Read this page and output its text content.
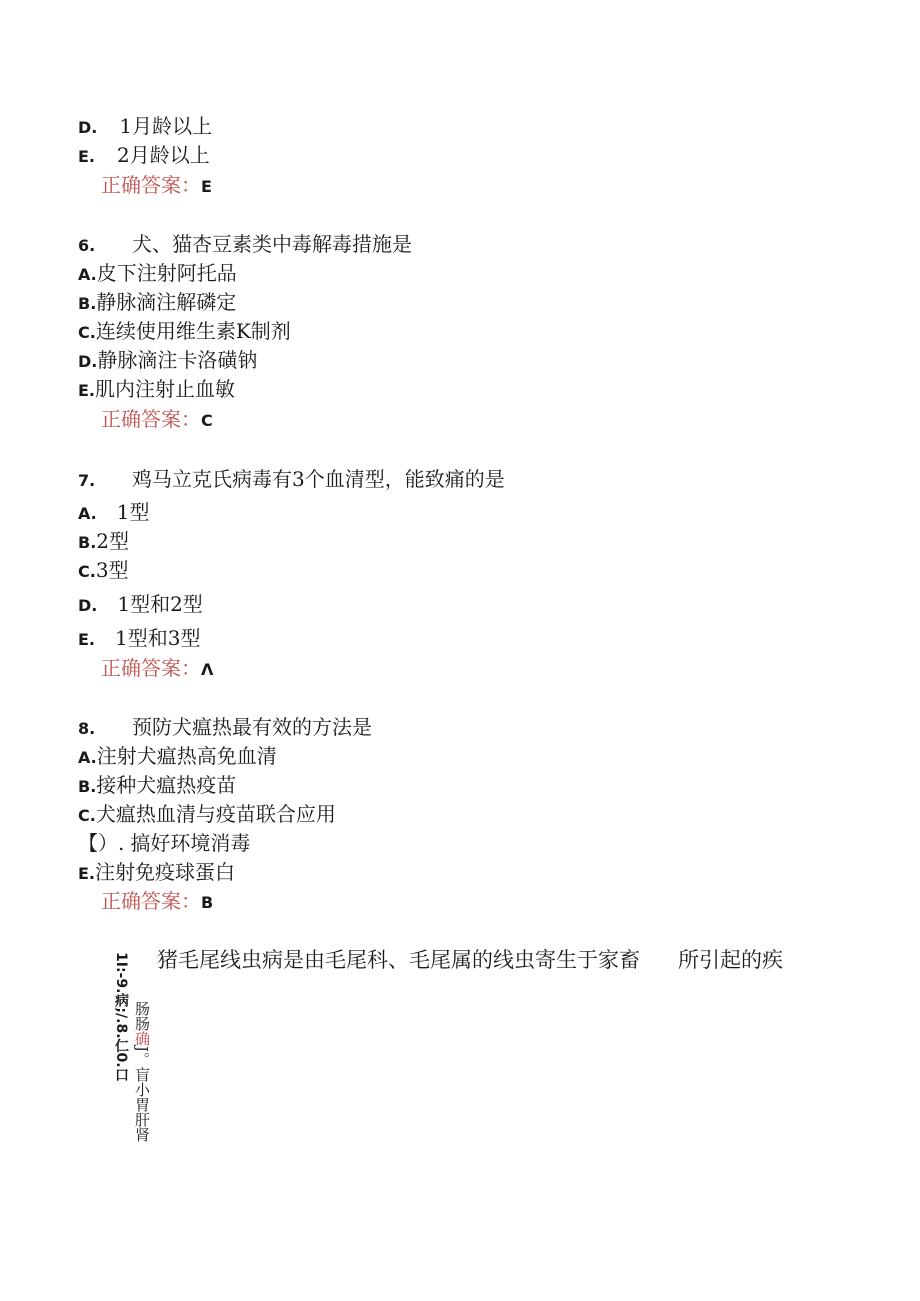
D. 1月龄以上
E. 2月龄以上
正确答案：E
6. 犬、猫杏豆素类中毒解毒措施是
A.皮下注射阿托品
B.静脉滴注解磷定
C.连续使用维生素K制剂
D.静脉滴注卡洛磺钠
E.肌内注射止血敏
正确答案：C
7. 鸡马立克氏病毒有3个血清型，能致痛的是
A. 1型
B.2型
C.3型
D. 1型和2型
E. 1型和3型
正确答案：Λ
8. 预防犬瘟热最有效的方法是
A.注射犬瘟热高免血清
B.接种犬瘟热疫苗
C.犬瘟热血清与疫苗联合应用
【）. 搞好环境消毒
E.注射免疫球蛋白
正确答案：B
猪毛尾线虫病是由毛尾科、毛尾属的线虫寄生于家畜 所引起的疾
1I:-9.病;/.8.仁0.口 肠肠确J。盲小胃肝肾
